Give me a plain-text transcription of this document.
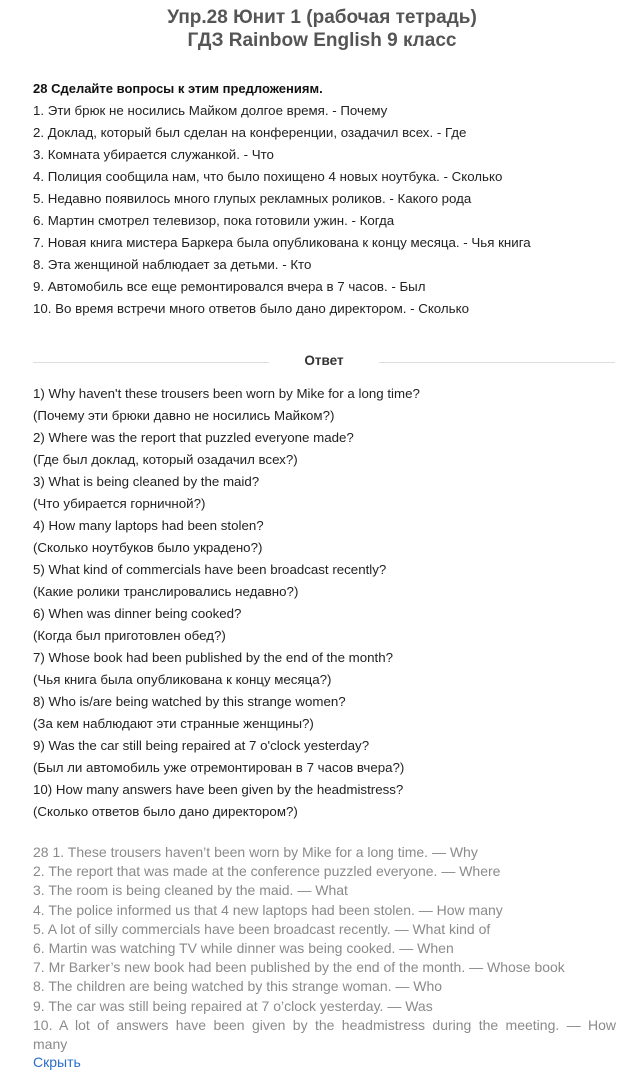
Упр.28 Юнит 1 (рабочая тетрадь)
ГДЗ Rainbow English 9 класс
28 Сделайте вопросы к этим предложениям.
1. Эти брюк не носились Майком долгое время. - Почему
2. Доклад, который был сделан на конференции, озадачил всех. - Где
3. Комната убирается служанкой. - Что
4. Полиция сообщила нам, что было похищено 4 новых ноутбука. - Сколько
5. Недавно появилось много глупых рекламных роликов. - Какого рода
6. Мартин смотрел телевизор, пока готовили ужин. - Когда
7. Новая книга мистера Баркера была опубликована к концу месяца. - Чья книга
8. Эта женщиной наблюдает за детьми. - Кто
9. Автомобиль все еще ремонтировался вчера в 7 часов. - Был
10. Во время встречи много ответов было дано директором. - Сколько
Ответ
1) Why haven't these trousers been worn by Mike for a long time?
(Почему эти брюки давно не носились Майком?)
2) Where was the report that puzzled everyone made?
(Где был доклад, который озадачил всех?)
3) What is being cleaned by the maid?
(Что убирается горничной?)
4) How many laptops had been stolen?
(Сколько ноутбуков было украдено?)
5) What kind of commercials have been broadcast recently?
(Какие ролики транслировались недавно?)
6) When was dinner being cooked?
(Когда был приготовлен обед?)
7) Whose book had been published by the end of the month?
(Чья книга была опубликована к концу месяца?)
8) Who is/are being watched by this strange women?
(За кем наблюдают эти странные женщины?)
9) Was the car still being repaired at 7 o'clock yesterday?
(Был ли автомобиль уже отремонтирован в 7 часов вчера?)
10) How many answers have been given by the headmistress?
(Сколько ответов было дано директором?)
28 1. These trousers haven’t been worn by Mike for a long time. — Why
2. The report that was made at the conference puzzled everyone. — Where
3. The room is being cleaned by the maid. — What
4. The police informed us that 4 new laptops had been stolen. — How many
5. A lot of silly commercials have been broadcast recently. — What kind of
6. Martin was watching TV while dinner was being cooked. — When
7. Mr Barker’s new book had been published by the end of the month. — Whose book
8. The children are being watched by this strange woman. — Who
9. The car was still being repaired at 7 o’clock yesterday. — Was
10. A lot of answers have been given by the headmistress during the meeting. — How
many
Скрыть
